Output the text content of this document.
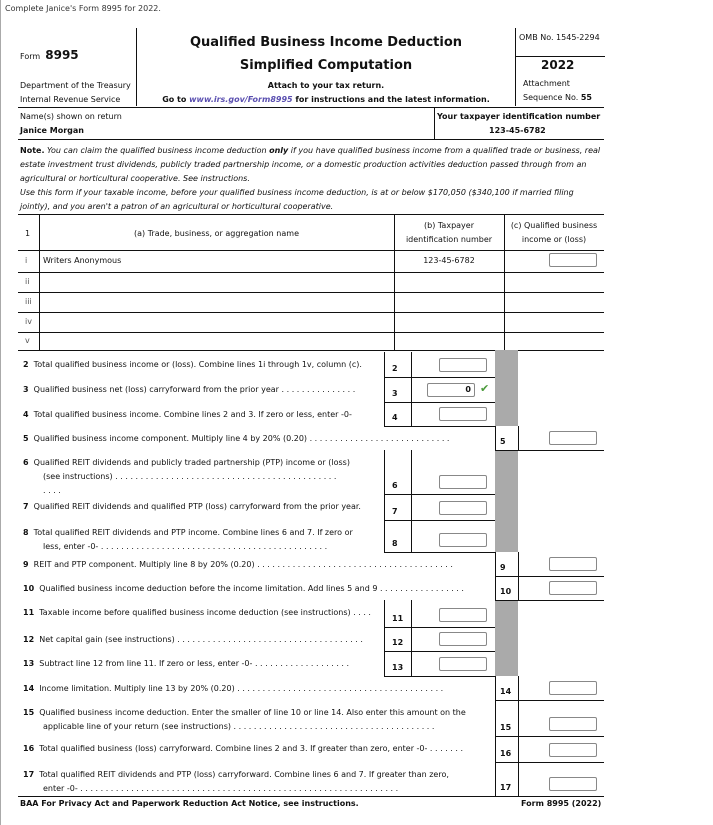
Complete Janice's Form 8995 for 2022.
Form 8995
Department of the Treasury
Internal Revenue Service
Qualified Business Income Deduction
Simplified Computation
Attach to your tax return.
Go to www.irs.gov/Form8995 for instructions and the latest information.
OMB No. 1545-2294
2022
Attachment
Sequence No. 55
Name(s) shown on return
Janice Morgan
Your taxpayer identification number
123-45-6782
Note. You can claim the qualified business income deduction only if you have qualified business income from a qualified trade or business, real
estate investment trust dividends, publicly traded partnership income, or a domestic production activities deduction passed through from an
agricultural or horticultural cooperative. See instructions.
Use this form if your taxable income, before your qualified business income deduction, is at or below $170,050 ($340,100 if married filing
jointly), and you aren't a patron of an agricultural or horticultural cooperative.
1	(a) Trade, business, or aggregation name
(b) Taxpayer
identification number
(c) Qualified business
income or (loss)
i Writers Anonymous	123-45-6782
ii
iii
iv
v
2 Total qualified business income or (loss). Combine lines 1i through 1v, column (c).	2
3 Qualified business net (loss) carryforward from the prior year . . . . . . . . . . . . . . .	3	0 ✔
4 Total qualified business income. Combine lines 2 and 3. If zero or less, enter -0-	4
5 Qualified business income component. Multiply line 4 by 20% (0.20) . . . . . . . . . . . . . . . . . . . . . . . . . . . .	5
6 Qualified REIT dividends and publicly traded partnership (PTP) income or (loss)
(see instructions) . . . . . . . . . . . . . . . . . . . . . . . . . . . . . . . . . . . . . . . . . . . .
. . . .
6
7 Qualified REIT dividends and qualified PTP (loss) carryforward from the prior year.
7
8 Total qualified REIT dividends and PTP income. Combine lines 6 and 7. If zero or
less, enter -0- . . . . . . . . . . . . . . . . . . . . . . . . . . . . . . . . . . . . . . . . . . . . .	8
9 REIT and PTP component. Multiply line 8 by 20% (0.20) . . . . . . . . . . . . . . . . . . . . . . . . . . . . . . . . . . . . . . .	9
10 Qualified business income deduction before the income limitation. Add lines 5 and 9 . . . . . . . . . . . . . . . . .	10
11 Taxable income before qualified business income deduction (see instructions) . . . .
11
12 Net capital gain (see instructions) . . . . . . . . . . . . . . . . . . . . . . . . . . . . . . . . . . . . .	12
13 Subtract line 12 from line 11. If zero or less, enter -0- . . . . . . . . . . . . . . . . . . .	13
14 Income limitation. Multiply line 13 by 20% (0.20) . . . . . . . . . . . . . . . . . . . . . . . . . . . . . . . . . . . . . . . . .	14
15 Qualified business income deduction. Enter the smaller of line 10 or line 14. Also enter this amount on the
applicable line of your return (see instructions) . . . . . . . . . . . . . . . . . . . . . . . . . . . . . . . . . . . . . . . .	15
16 Total qualified business (loss) carryforward. Combine lines 2 and 3. If greater than zero, enter -0- . . . . . . .
16
17 Total qualified REIT dividends and PTP (loss) carryforward. Combine lines 6 and 7. If greater than zero,
enter -0- . . . . . . . . . . . . . . . . . . . . . . . . . . . . . . . . . . . . . . . . . . . . . . . . . . . . . . . . . . . . . . .	17
BAA For Privacy Act and Paperwork Reduction Act Notice, see instructions.	Form 8995 (2022)
